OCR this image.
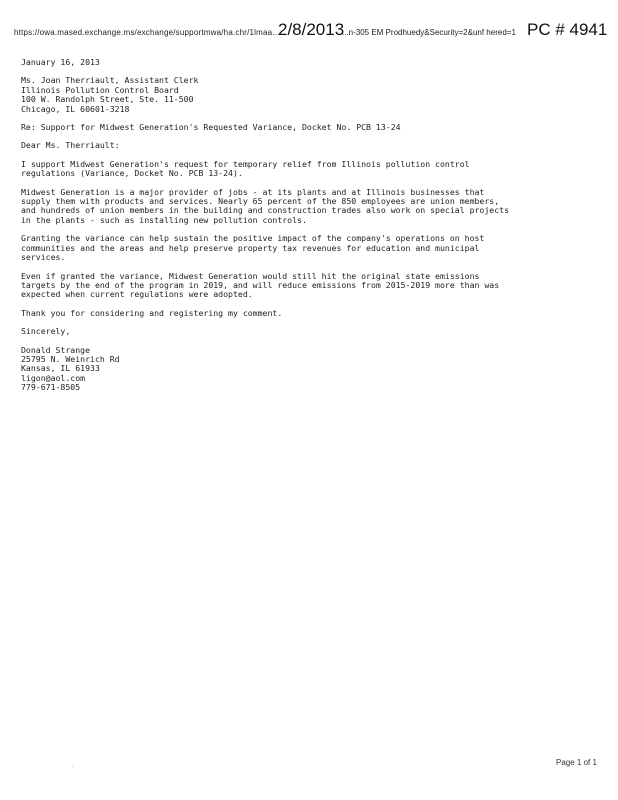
https://owa.mased.exchange.ms/exchange/supportmwa/ha.chr/1lmaa...
2/8/2013
...n-305 EM Prodhuedy&Security=2&unf hered=1 PC # 4941
January 16, 2013
Ms. Joan Therriault, Assistant Clerk
Illinois Pollution Control Board
100 W. Randolph Street, Ste. 11-500
Chicago, IL 60601-3218
Re: Support for Midwest Generation's Requested Variance, Docket No. PCB 13-24
Dear Ms. Therriault:
I support Midwest Generation's request for temporary relief from Illinois pollution control
regulations (Variance, Docket No. PCB 13-24).
Midwest Generation is a major provider of jobs - at its plants and at Illinois businesses that
supply them with products and services. Nearly 65 percent of the 850 employees are union members,
and hundreds of union members in the building and construction trades also work on special projects
in the plants - such as installing new pollution controls.
Granting the variance can help sustain the positive impact of the company's operations on host
communities and the areas and help preserve property tax revenues for education and municipal
services.
Even if granted the variance, Midwest Generation would still hit the original state emissions
targets by the end of the program in 2019, and will reduce emissions from 2015-2019 more than was
expected when current regulations were adopted.
Thank you for considering and registering my comment.
Sincerely,
Donald Strange
25795 N. Weinrich Rd
Kansas, IL 61933
ligon@aol.com
779-671-8505
.	Page 1 of 1
